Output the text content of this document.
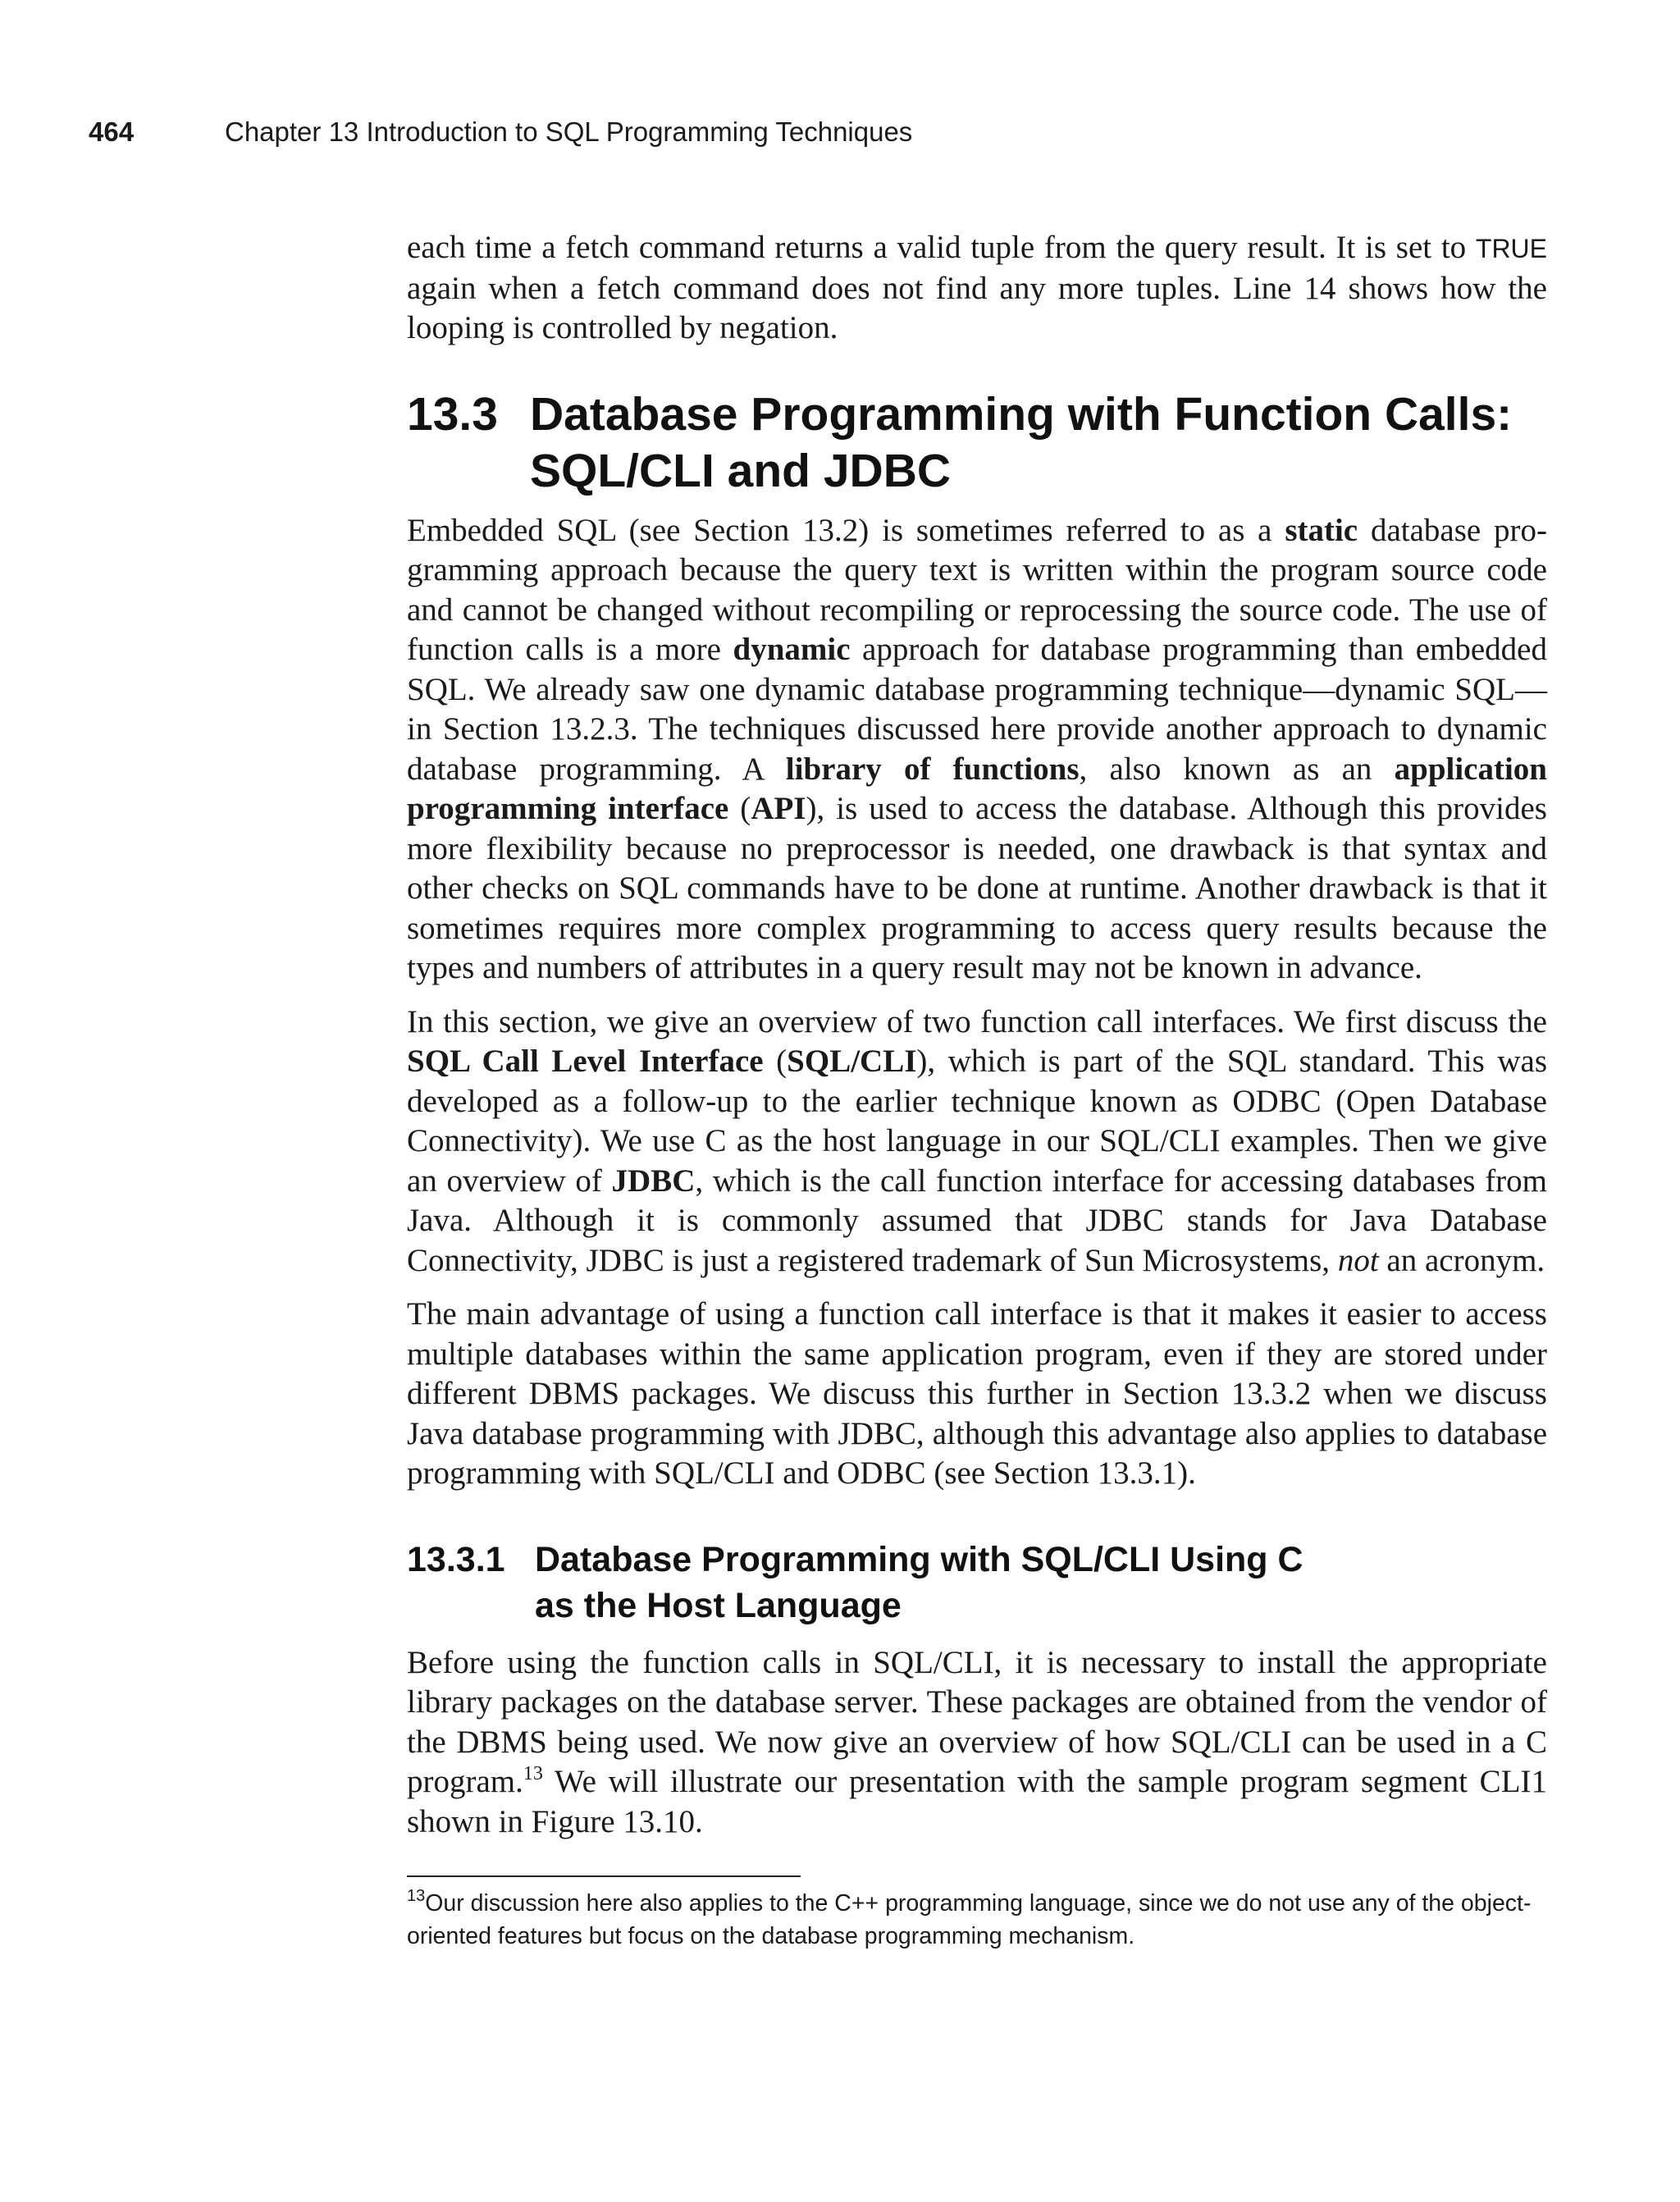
464	Chapter 13 Introduction to SQL Programming Techniques

each time a fetch command returns a valid tuple from the query result. It is set to TRUE again when a fetch command does not find any more tuples. Line 14 shows how the looping is controlled by negation.

13.3 Database Programming with Function Calls: SQL/CLI and JDBC

Embedded SQL (see Section 13.2) is sometimes referred to as a static database programming approach because the query text is written within the program source code and cannot be changed without recompiling or reprocessing the source code. The use of function calls is a more dynamic approach for database programming than embedded SQL. We already saw one dynamic database programming technique—dynamic SQL—in Section 13.2.3. The techniques discussed here provide another approach to dynamic database programming. A library of functions, also known as an application programming interface (API), is used to access the database. Although this provides more flexibility because no preprocessor is needed, one drawback is that syntax and other checks on SQL commands have to be done at runtime. Another drawback is that it sometimes requires more complex programming to access query results because the types and numbers of attributes in a query result may not be known in advance.

In this section, we give an overview of two function call interfaces. We first discuss the SQL Call Level Interface (SQL/CLI), which is part of the SQL standard. This was developed as a follow-up to the earlier technique known as ODBC (Open Database Connectivity). We use C as the host language in our SQL/CLI examples. Then we give an overview of JDBC, which is the call function interface for accessing databases from Java. Although it is commonly assumed that JDBC stands for Java Database Connectivity, JDBC is just a registered trademark of Sun Microsystems, not an acronym.

The main advantage of using a function call interface is that it makes it easier to access multiple databases within the same application program, even if they are stored under different DBMS packages. We discuss this further in Section 13.3.2 when we discuss Java database programming with JDBC, although this advantage also applies to database programming with SQL/CLI and ODBC (see Section 13.3.1).

13.3.1 Database Programming with SQL/CLI Using C
as the Host Language

Before using the function calls in SQL/CLI, it is necessary to install the appropriate library packages on the database server. These packages are obtained from the vendor of the DBMS being used. We now give an overview of how SQL/CLI can be used in a C program.$^{13}$ We will illustrate our presentation with the sample program segment CLI1 shown in Figure 13.10.

$^{13}$Our discussion here also applies to the C++ programming language, since we do not use any of the object-oriented features but focus on the database programming mechanism.
